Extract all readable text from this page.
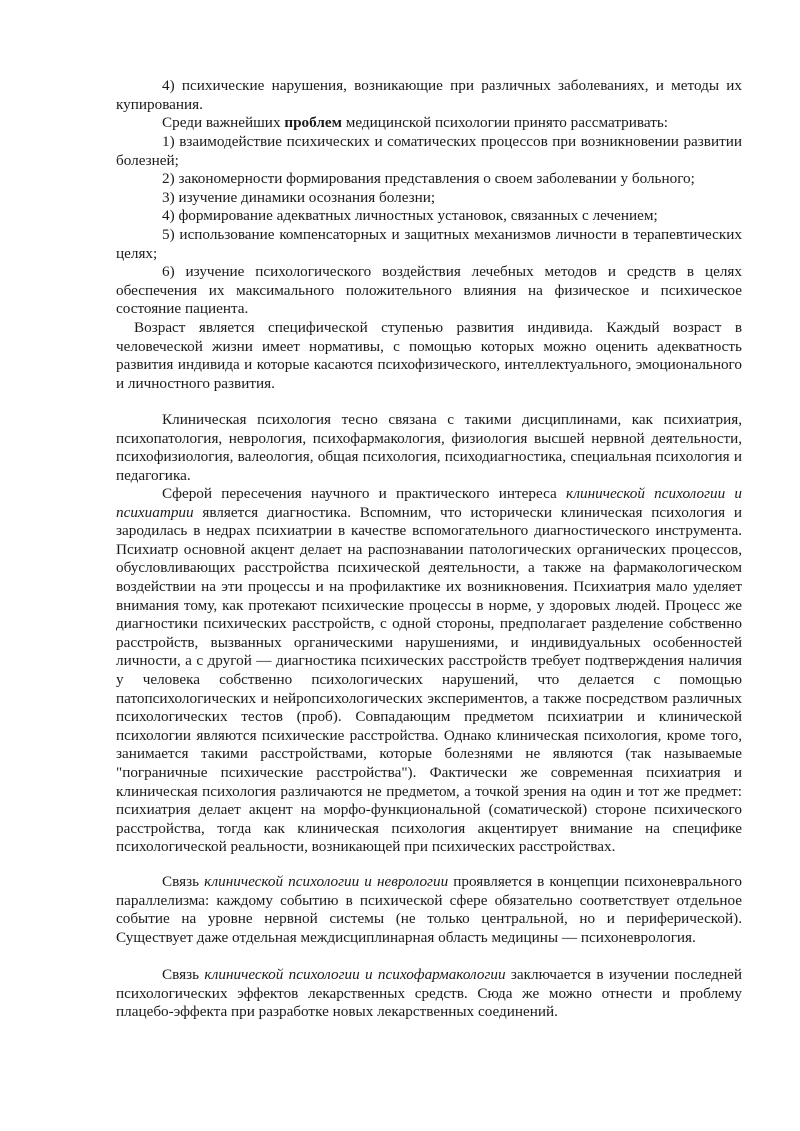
4) психические нарушения, возникающие при различных заболеваниях, и методы их купирования.

Среди важнейших проблем медицинской психологии принято рассматривать:

1) взаимодействие психических и соматических процессов при возникновении развитии болезней;

2) закономерности формирования представления о своем заболевании у больного;

3) изучение динамики осознания болезни;

4) формирование адекватных личностных установок, связанных с лечением;

5) использование компенсаторных и защитных механизмов личности в терапевтических целях;

6) изучение психологического воздействия лечебных методов и средств в целях обеспечения их максимального положительного влияния на физическое и психическое состояние пациента.

Возраст является специфической ступенью развития индивида. Каждый возраст в человеческой жизни имеет нормативы, с помощью которых можно оценить адекватность развития индивида и которые касаются психофизического, интеллектуального, эмоционального и личностного развития.

Клиническая психология тесно связана с такими дисциплинами, как психиатрия, психопатология, неврология, психофармакология, физиология высшей нервной деятельности, психофизиология, валеология, общая психология, психодиагностика, специальная психология и педагогика.

Сферой пересечения научного и практического интереса клинической психологии и психиатрии является диагностика. Вспомним, что исторически клиническая психология и зародилась в недрах психиатрии в качестве вспомогательного диагностического инструмента. Психиатр основной акцент делает на распознавании патологических органических процессов, обусловливающих расстройства психической деятельности, а также на фармакологическом воздействии на эти процессы и на профилактике их возникновения. Психиатрия мало уделяет внимания тому, как протекают психические процессы в норме, у здоровых людей. Процесс же диагностики психических расстройств, с одной стороны, предполагает разделение собственно расстройств, вызванных органическими нарушениями, и индивидуальных особенностей личности, а с другой — диагностика психических расстройств требует подтверждения наличия у человека собственно психологических нарушений, что делается с помощью патопсихологических и нейропсихологических экспериментов, а также посредством различных психологических тестов (проб). Совпадающим предметом психиатрии и клинической психологии являются психические расстройства. Однако клиническая психология, кроме того, занимается такими расстройствами, которые болезнями не являются (так называемые "пограничные психические расстройства"). Фактически же современная психиатрия и клиническая психология различаются не предметом, а точкой зрения на один и тот же предмет: психиатрия делает акцент на морфо-функциональной (соматической) стороне психического расстройства, тогда как клиническая психология акцентирует внимание на специфике психологической реальности, возникающей при психических расстройствах.

Связь клинической психологии и неврологии проявляется в концепции психоневрального параллелизма: каждому событию в психической сфере обязательно соответствует отдельное событие на уровне нервной системы (не только центральной, но и периферической). Существует даже отдельная междисциплинарная область медицины — психоневрология.

Связь клинической психологии и психофармакологии заключается в изучении последней психологических эффектов лекарственных средств. Сюда же можно отнести и проблему плацебо-эффекта при разработке новых лекарственных соединений.
